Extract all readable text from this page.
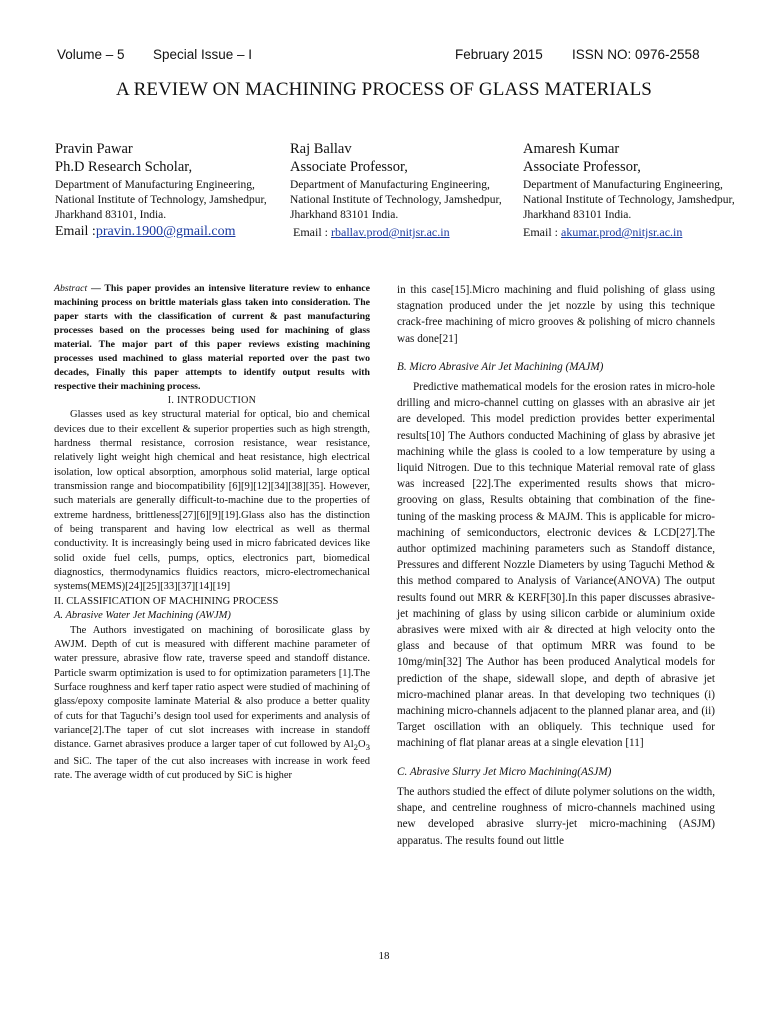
Volume – 5 Special Issue – I	February 2015 ISSN NO: 0976-2558
A REVIEW ON MACHINING PROCESS OF GLASS MATERIALS
Pravin Pawar
Ph.D Research Scholar,
Department of Manufacturing Engineering, National Institute of Technology, Jamshedpur, Jharkhand 83101, India.
Email :pravin.1900@gmail.com
Raj Ballav
Associate Professor,
Department of Manufacturing Engineering, National Institute of Technology, Jamshedpur, Jharkhand 83101 India.
Email : rballav.prod@nitjsr.ac.in
Amaresh Kumar
Associate Professor,
Department of Manufacturing Engineering, National Institute of Technology, Jamshedpur, Jharkhand 83101 India.
Email : akumar.prod@nitjsr.ac.in

Abstract — This paper provides an intensive literature review to enhance machining process on brittle materials glass taken into consideration. The paper starts with the classification of current & past manufacturing processes based on the processes being used for machining of glass material. The major part of this paper reviews existing machining processes used machined to glass material reported over the past two decades, Finally this paper attempts to identify output results with respective their machining process.

I. INTRODUCTION

Glasses used as key structural material for optical, bio and chemical devices due to their excellent & superior properties such as high strength, hardness thermal resistance, corrosion resistance, wear resistance, relatively light weight high chemical and heat resistance, high electrical isolation, low optical absorption, amorphous solid material, large optical transmission range and biocompatibility [6][9][12][34][38][35]. However, such materials are generally difficult-to-machine due to the properties of extreme hardness, brittleness[27][6][9][19].Glass also has the distinction of being transparent and having low electrical as well as thermal conductivity. It is increasingly being used in micro fabricated devices like solid oxide fuel cells, pumps, optics, electronics part, biomedical diagnostics, thermodynamics fluidics reactors, micro-electromechanical systems(MEMS)[24][25][33][37][14][19]

II. CLASSIFICATION OF MACHINING PROCESS

A. Abrasive Water Jet Machining (AWJM)

The Authors investigated on machining of borosilicate glass by AWJM. Depth of cut is measured with different machine parameter of water pressure, abrasive flow rate, traverse speed and standoff distance. Particle swarm optimization is used to for optimization parameters [1].The Surface roughness and kerf taper ratio aspect were studied of machining of glass/epoxy composite laminate Material & also produce a better quality of cuts for that Taguchi’s design tool used for experiments and analysis of variance[2].The taper of cut slot increases with increase in standoff distance. Garnet abrasives produce a larger taper of cut followed by $Al_2O_3$ and SiC. The taper of the cut also increases with increase in work feed rate. The average width of cut produced by SiC is higher

in this case[15].Micro machining and fluid polishing of glass using stagnation produced under the jet nozzle by using this technique crack-free machining of micro grooves & polishing of micro channels was done[21]

B. Micro Abrasive Air Jet Machining (MAJM)

Predictive mathematical models for the erosion rates in micro-hole drilling and micro-channel cutting on glasses with an abrasive air jet are developed. This model prediction provides better experimental results[10] The Authors conducted Machining of glass by abrasive jet machining while the glass is cooled to a low temperature by using a liquid Nitrogen. Due to this technique Material removal rate of glass was increased [22].The experimented results shows that micro-grooving on glass, Results obtaining that combination of the fine-tuning of the masking process & MAJM. This is applicable for micro-machining of semiconductors, electronic devices & LCD[27].The author optimized machining parameters such as Standoff distance, Pressures and different Nozzle Diameters by using Taguchi Method & this method compared to Analysis of Variance(ANOVA) The output results found out MRR & KERF[30].In this paper discusses abrasive-jet machining of glass by using silicon carbide or aluminium oxide abrasives were mixed with air & directed at high velocity onto the glass and because of that optimum MRR was found to be 10mg/min[32] The Author has been produced Analytical models for prediction of the shape, sidewall slope, and depth of abrasive jet micro-machined planar areas. In that developing two techniques (i) machining micro-channels adjacent to the planned planar area, and (ii) Target oscillation with an obliquely. This technique used for machining of flat planar areas at a single elevation [11]

C. Abrasive Slurry Jet Micro Machining(ASJM)

The authors studied the effect of dilute polymer solutions on the width, shape, and centreline roughness of micro-channels machined using new developed abrasive slurry-jet micro-machining (ASJM) apparatus. The results found out little

18
